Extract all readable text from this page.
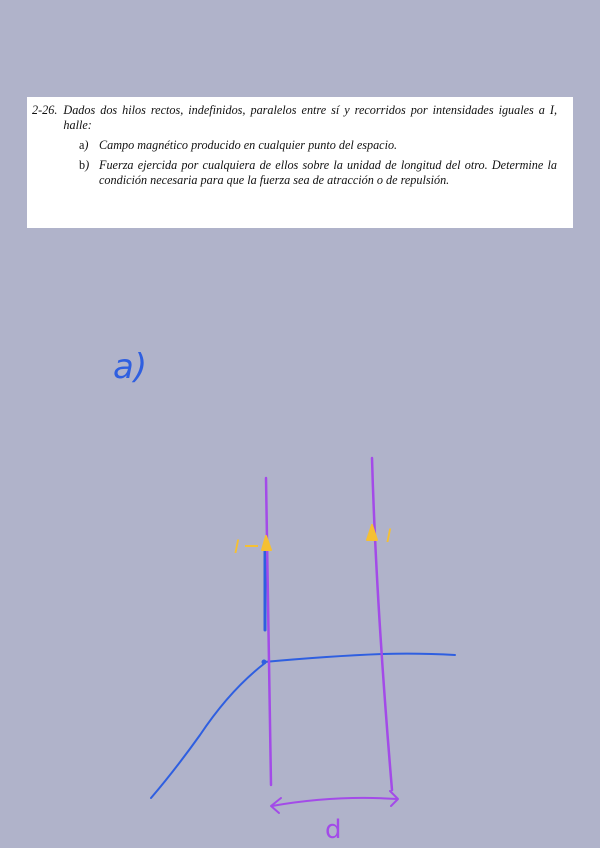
2-26. Dados dos hilos rectos, indefinidos, paralelos entre sí y recorridos por intensidades iguales a I, halle:
a) Campo magnético producido en cualquier punto del espacio.
b) Fuerza ejercida por cualquiera de ellos sobre la unidad de longitud del otro. Determine la condición necesaria para que la fuerza sea de atracción o de repulsión.
a)
I	I
d
